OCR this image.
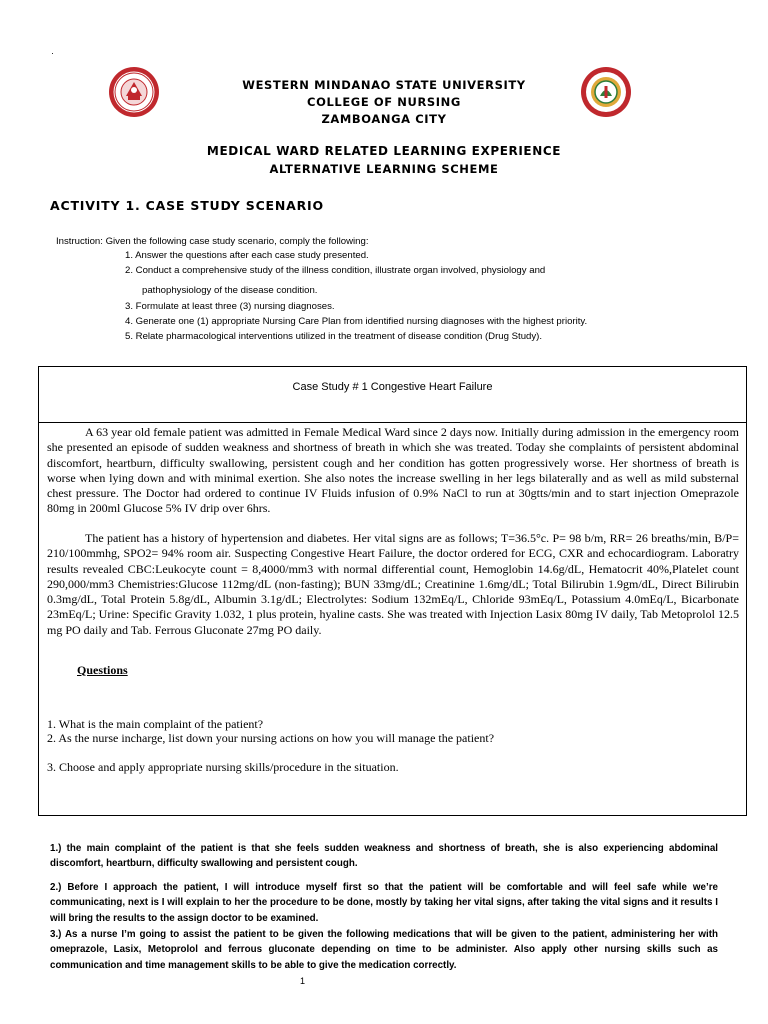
·
WESTERN MINDANAO STATE UNIVERSITY
COLLEGE OF NURSING
ZAMBOANGA CITY
MEDICAL WARD RELATED LEARNING EXPERIENCE
ALTERNATIVE LEARNING SCHEME
ACTIVITY 1. CASE STUDY SCENARIO
Instruction: Given the following case study scenario, comply the following:
1. Answer the questions after each case study presented.
2. Conduct a comprehensive study of the illness condition, illustrate organ involved, physiology and
pathophysiology of the disease condition.
3. Formulate at least three (3) nursing diagnoses.
4. Generate one (1) appropriate Nursing Care Plan from identified nursing diagnoses with the highest priority.
5. Relate pharmacological interventions utilized in the treatment of disease condition (Drug Study).
Case Study # 1 Congestive Heart Failure

A 63 year old female patient was admitted in Female Medical Ward since 2 days now. Initially during admission in the emergency room she presented an episode of sudden weakness and shortness of breath in which she was treated. Today she complaints of persistent abdominal discomfort, heartburn, difficulty swallowing, persistent cough and her condition has gotten progressively worse. Her shortness of breath is worse when lying down and with minimal exertion. She also notes the increase swelling in her legs bilaterally and as well as mild substernal chest pressure. The Doctor had ordered to continue IV Fluids infusion of 0.9% NaCl to run at 30gtts/min and to start injection Omeprazole 80mg in 200ml Glucose 5% IV drip over 6hrs.

The patient has a history of hypertension and diabetes. Her vital signs are as follows; T=36.5°c. P= 98 b/m, RR= 26 breaths/min, B/P= 210/100mmhg, SPO2= 94% room air. Suspecting Congestive Heart Failure, the doctor ordered for ECG, CXR and echocardiogram. Laboratry results revealed CBC:Leukocyte count = 8,4000/mm3 with normal differential count, Hemoglobin 14.6g/dL, Hematocrit 40%,Platelet count 290,000/mm3 Chemistries:Glucose 112mg/dL (non-fasting); BUN 33mg/dL; Creatinine 1.6mg/dL; Total Bilirubin 1.9gm/dL, Direct Bilirubin 0.3mg/dL, Total Protein 5.8g/dL, Albumin 3.1g/dL; Electrolytes: Sodium 132mEq/L, Chloride 93mEq/L, Potassium 4.0mEq/L, Bicarbonate 23mEq/L; Urine: Specific Gravity 1.032, 1 plus protein, hyaline casts. She was treated with Injection Lasix 80mg IV daily, Tab Metoprolol 12.5 mg PO daily and Tab. Ferrous Gluconate 27mg PO daily.

Questions
1. What is the main complaint of the patient?
2. As the nurse incharge, list down your nursing actions on how you will manage the patient?
3. Choose and apply appropriate nursing skills/procedure in the situation.

1.) the main complaint of the patient is that she feels sudden weakness and shortness of breath, she is also experiencing abdominal discomfort, heartburn, difficulty swallowing and persistent cough.

2.) Before I approach the patient, I will introduce myself first so that the patient will be comfortable and will feel safe while we’re communicating, next is I will explain to her the procedure to be done, mostly by taking her vital signs, after taking the vital signs and it results I will bring the results to the assign doctor to be examined.

3.) As a nurse I’m going to assist the patient to be given the following medications that will be given to the patient, administering her with omeprazole, Lasix, Metoprolol and ferrous gluconate depending on time to be administer. Also apply other nursing skills such as communication and time management skills to be able to give the medication correctly.

1
